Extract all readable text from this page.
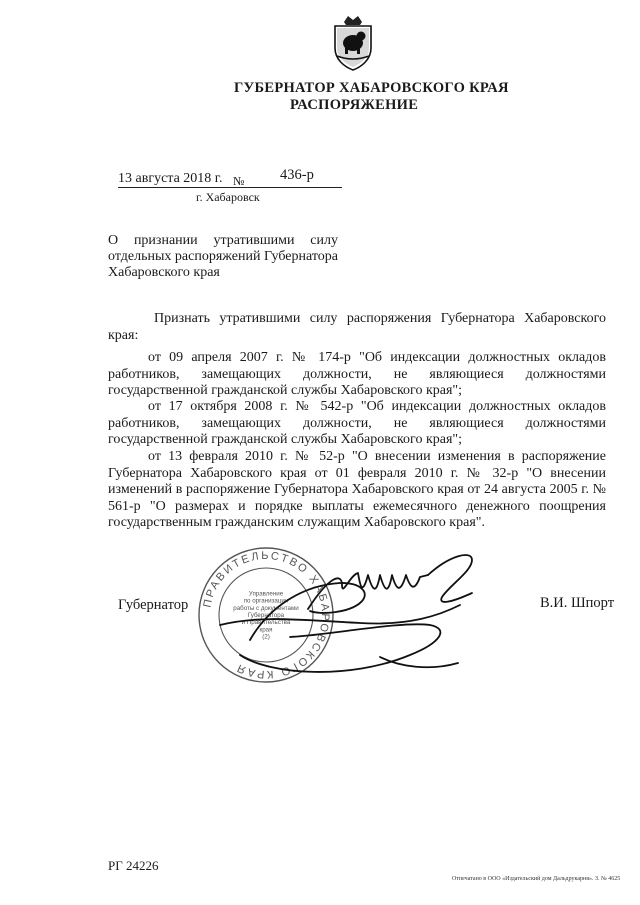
ГУБЕРНАТОР ХАБАРОВСКОГО КРАЯ
РАСПОРЯЖЕНИЕ
13 августа 2018 г. № 436-р
г. Хабаровск
О признании утратившими силу отдельных распоряжений Губернатора Хабаровского края
Признать утратившими силу распоряжения Губернатора Хабаровского края:
от 09 апреля 2007 г. № 174-р "Об индексации должностных окладов работников, замещающих должности, не являющиеся должностями государственной гражданской службы Хабаровского края";
от 17 октября 2008 г. № 542-р "Об индексации должностных окладов работников, замещающих должности, не являющиеся должностями государственной гражданской службы Хабаровского края";
от 13 февраля 2010 г. № 52-р "О внесении изменения в распоряжение Губернатора Хабаровского края от 01 февраля 2010 г. № 32-р "О внесении изменений в распоряжение Губернатора Хабаровского края от 24 августа 2005 г. № 561-р "О размерах и порядке выплаты ежемесячного денежного поощрения государственным гражданским служащим Хабаровского края".
Губернатор	В.И. Шпорт
ПРАВИТЕЛЬСТВО ХАБАРОВСКОГО КРАЯ
Управление
по организации
работы с документами
Губернатора
и Правительства
края
(2)
РГ 24226
Отпечатано в ООО «Издательский дом Дальдрукарня». З. № 4625
